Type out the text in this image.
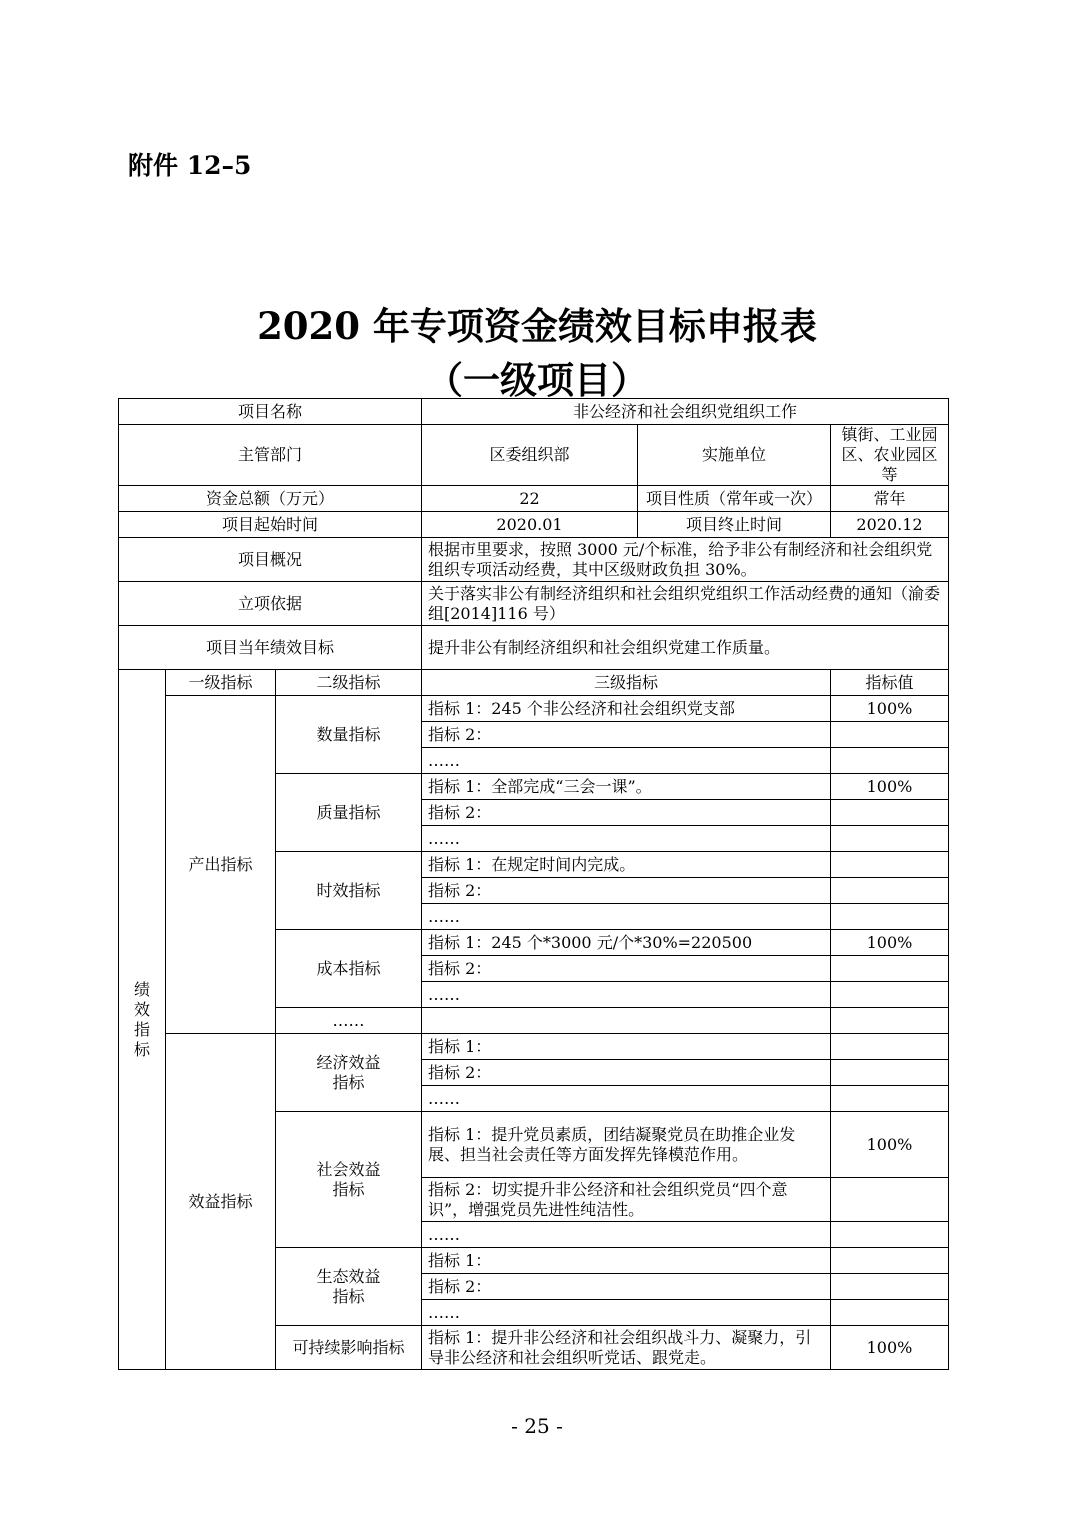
附件 12–5
2020 年专项资金绩效目标申报表
（一级项目）
项目名称			非公经济和社会组织党组织工作		
主管部门			区委组织部	实施单位	镇街、工业园区、农业园区等
资金总额（万元）			22	项目性质（常年或一次）	常年
项目起始时间			2020.01	项目终止时间	2020.12
项目概况			根据市里要求，按照 3000 元/个标准，给予非公有制经济和社会组织党组织专项活动经费，其中区级财政负担 30%。		
立项依据			关于落实非公有制经济组织和社会组织党组织工作活动经费的通知（渝委组[2014]116 号）		
项目当年绩效目标			提升非公有制经济组织和社会组织党建工作质量。		
绩效指标	一级指标	二级指标	三级指标		指标值
	产出指标	数量指标	指标 1：245 个非公经济和社会组织党支部		100%
			指标 2：		
			……		
		质量指标	指标 1：全部完成“三会一课”。		100%
			指标 2：		
			……		
		时效指标	指标 1：在规定时间内完成。		
			指标 2：		
			……		
		成本指标	指标 1：245 个*3000 元/个*30%=220500		100%
			指标 2：		
			……		
		……			
	效益指标	经济效益指标	指标 1：		
			指标 2：		
			……		
		社会效益指标	指标 1：提升党员素质，团结凝聚党员在助推企业发展、担当社会责任等方面发挥先锋模范作用。		100%
			指标 2：切实提升非公经济和社会组织党员“四个意识”，增强党员先进性纯洁性。		
			……		
		生态效益指标	指标 1：		
			指标 2：		
			……		
		可持续影响指标	指标 1：提升非公经济和社会组织战斗力、凝聚力，引导非公经济和社会组织听党话、跟党走。		100%
- 25 -
